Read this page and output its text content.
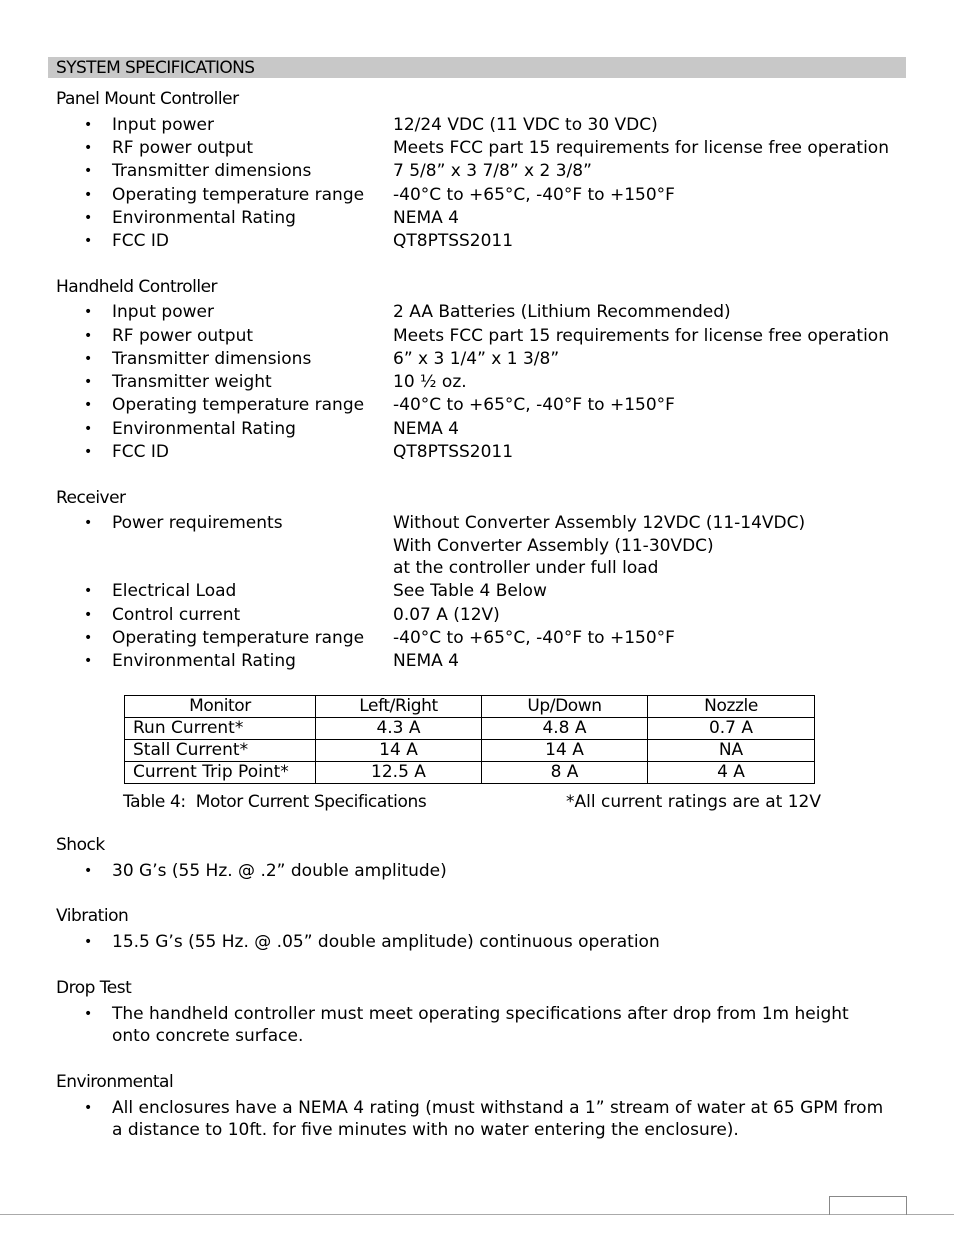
SYSTEM SPECIFICATIONS
Panel Mount Controller
• Input power	12/24 VDC (11 VDC to 30 VDC)
• RF power output	Meets FCC part 15 requirements for license free operation
• Transmitter dimensions	7 5/8” x 3 7/8” x 2 3/8”
• Operating temperature range -40°C to +65°C, -40°F to +150°F
• Environmental Rating	NEMA 4
• FCC ID	QT8PTSS2011
Handheld Controller
• Input power	2 AA Batteries (Lithium Recommended)
• RF power output	Meets FCC part 15 requirements for license free operation
• Transmitter dimensions	6” x 3 1/4” x 1 3/8”
• Transmitter weight	10 ½ oz.
• Operating temperature range -40°C to +65°C, -40°F to +150°F
• Environmental Rating	NEMA 4
• FCC ID	QT8PTSS2011
Receiver
• Power requirements	Without Converter Assembly 12VDC (11-14VDC)
With Converter Assembly (11-30VDC)
at the controller under full load
• Electrical Load	See Table 4 Below
• Control current	0.07 A (12V)
• Operating temperature range -40°C to +65°C, -40°F to +150°F
• Environmental Rating	NEMA 4
Monitor	Left/Right	Up/Down	Nozzle
Run Current*	4.3 A	4.8 A	0.7 A
Stall Current*	14 A	14 A	NA
Current Trip Point*	12.5 A	8 A	4 A
Table 4:  Motor Current Specifications	*All current ratings are at 12V
Shock
• 30 G’s (55 Hz. @ .2” double amplitude)
Vibration
• 15.5 G’s (55 Hz. @ .05” double amplitude) continuous operation
Drop Test
• The handheld controller must meet operating specifications after drop from 1m height onto concrete surface.
Environmental
• All enclosures have a NEMA 4 rating (must withstand a 1” stream of water at 65 GPM from a distance to 10ft. for five minutes with no water entering the enclosure).
